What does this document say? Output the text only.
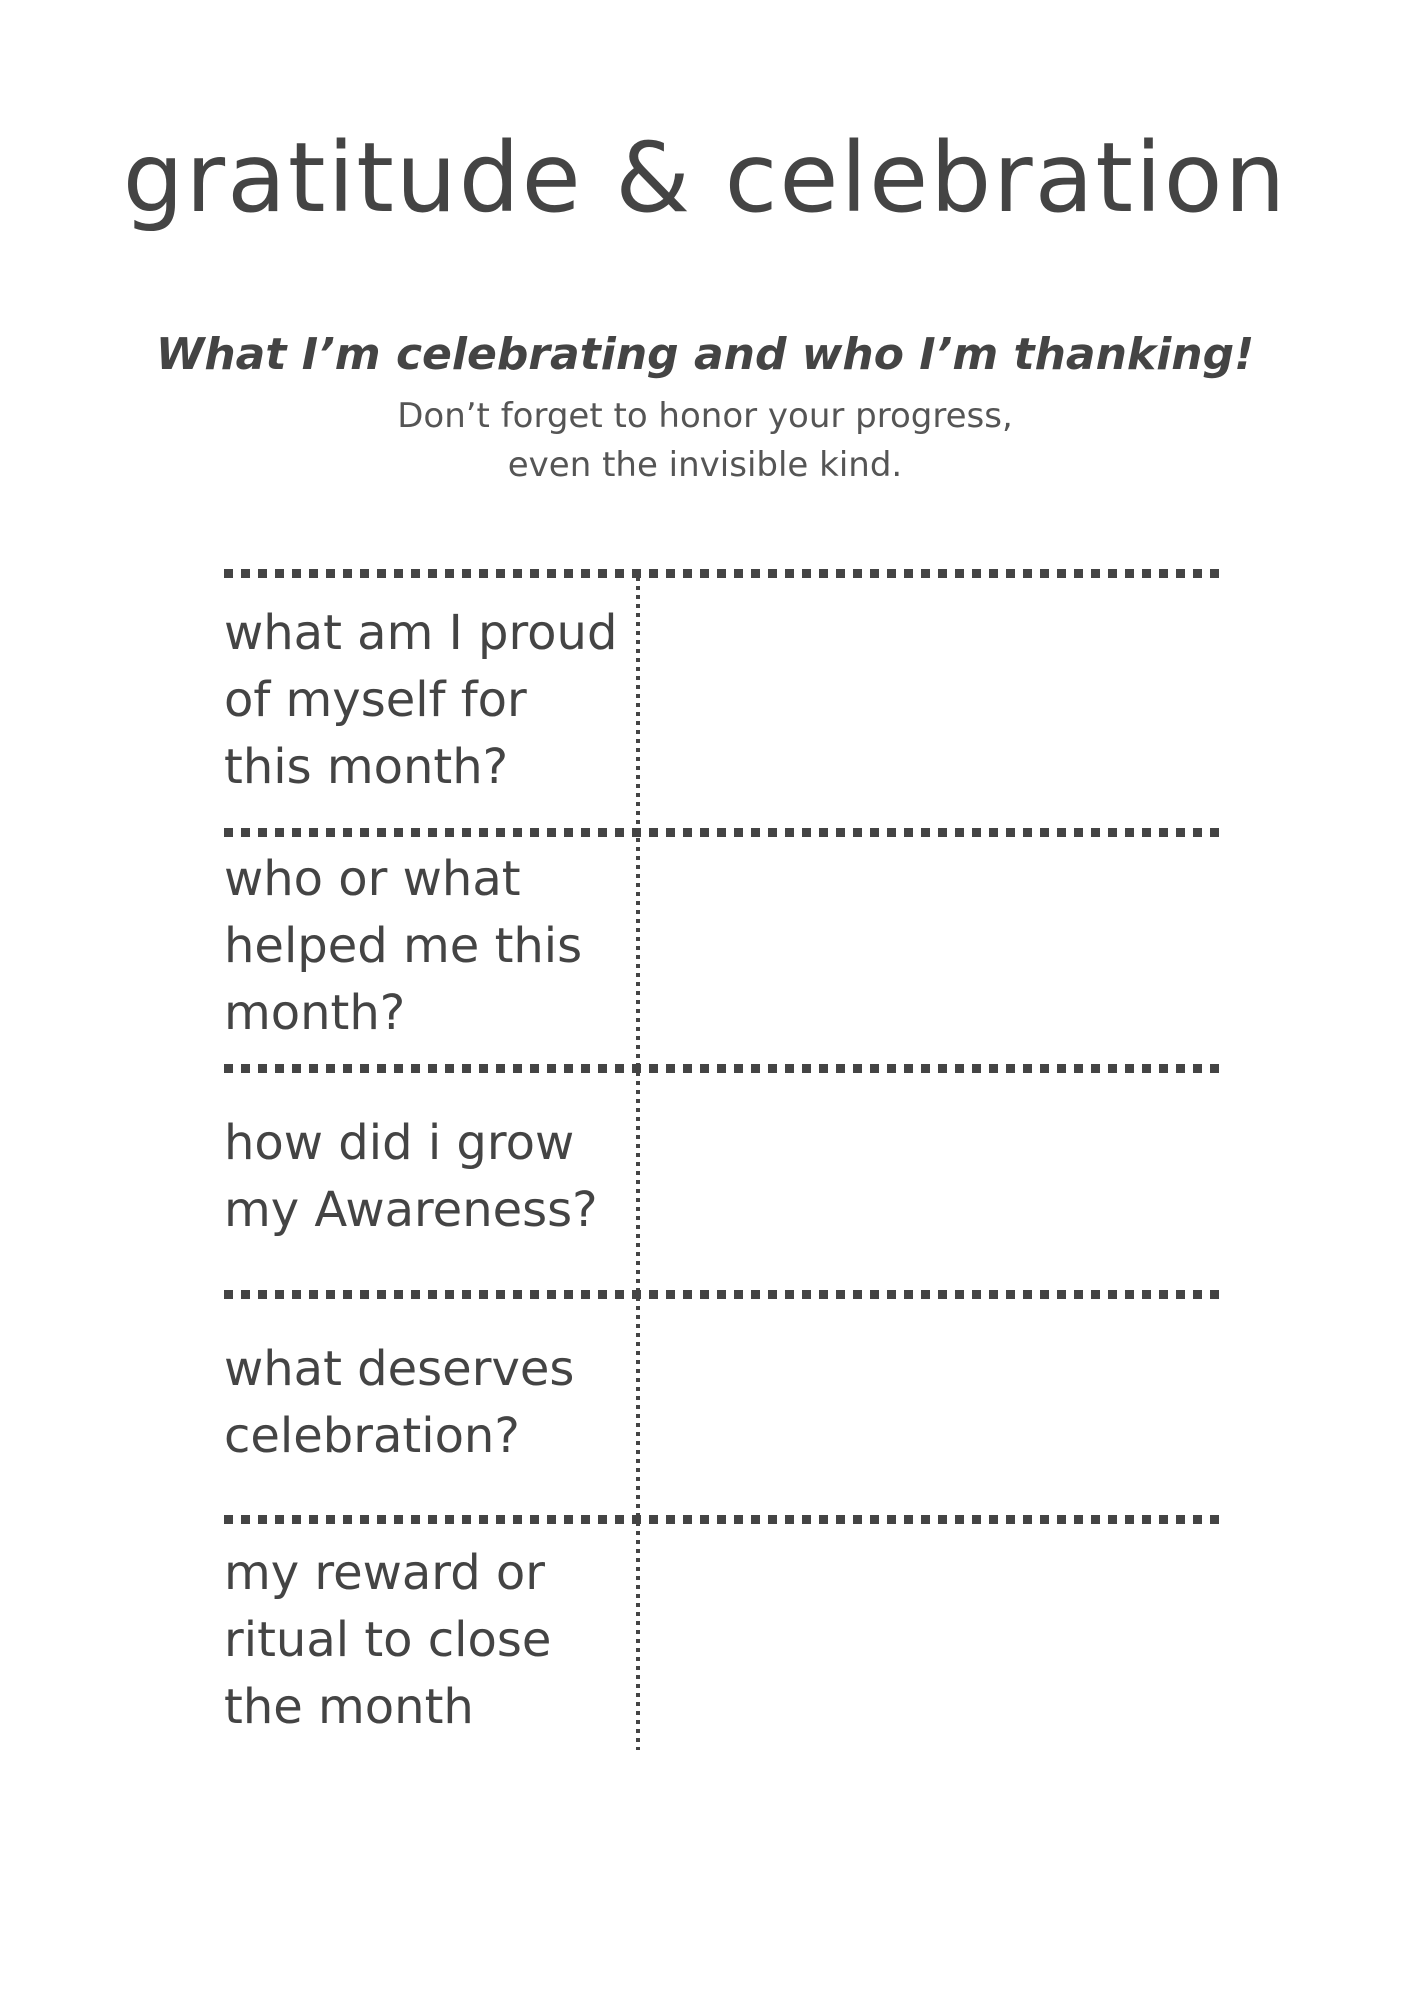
gratitude & celebration
What I’m celebrating and who I’m thanking!
Don’t forget to honor your progress,
even the invisible kind.
what am I proud of myself for this month?
who or what helped me this month?
how did i grow my Awareness?
what deserves celebration?
my reward or ritual to close the month
